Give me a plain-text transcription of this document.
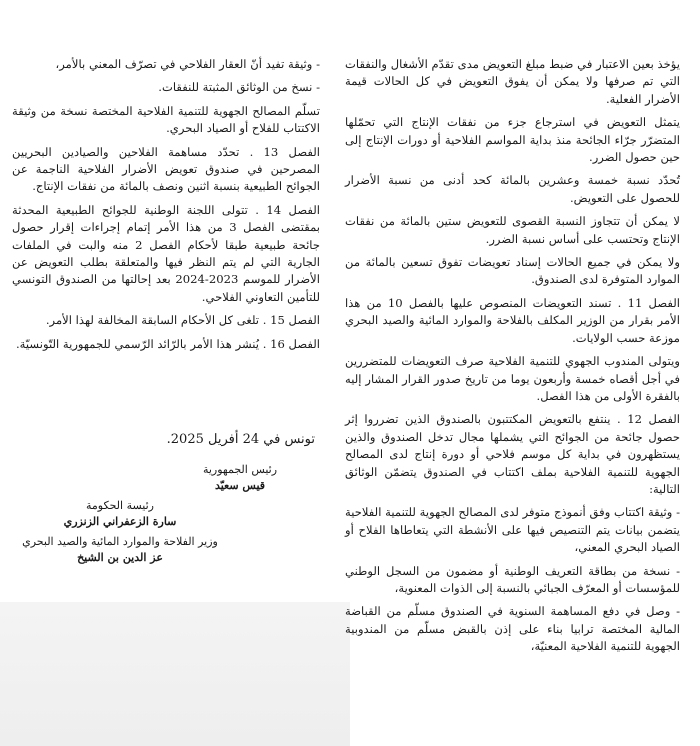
يؤخذ بعين الاعتبار في ضبط مبلغ التعويض مدى تقدّم الأشغال والنفقات التي تم صرفها ولا يمكن أن يفوق التعويض في كل الحالات قيمة الأضرار الفعلية.

يتمثل التعويض في استرجاع جزء من نفقات الإنتاج التي تحمّلها المتضرّر جرّاء الجائحة منذ بداية المواسم الفلاحية أو دورات الإنتاج إلى حين حصول الضرر.

تُحدّد نسبة خمسة وعشرين بالمائة كحد أدنى من نسبة الأضرار للحصول على التعويض.

لا يمكن أن تتجاوز النسبة القصوى للتعويض ستين بالمائة من نفقات الإنتاج وتحتسب على أساس نسبة الضرر.

ولا يمكن في جميع الحالات إسناد تعويضات تفوق تسعين بالمائة من الموارد المتوفرة لدى الصندوق.

الفصل 11 . تسند التعويضات المنصوص عليها بالفصل 10 من هذا الأمر بقرار من الوزير المكلف بالفلاحة والموارد المائية والصيد البحري موزعة حسب الولايات.

ويتولى المندوب الجهوي للتنمية الفلاحية صرف التعويضات للمتضررين في أجل أقصاه خمسة وأربعون يوما من تاريخ صدور القرار المشار إليه بالفقرة الأولى من هذا الفصل.

الفصل 12 . ينتفع بالتعويض المكتتبون بالصندوق الذين تضرروا إثر حصول جائحة من الجوائح التي يشملها مجال تدخل الصندوق والذين يستظهرون في بداية كل موسم فلاحي أو دورة إنتاج لدى المصالح الجهوية للتنمية الفلاحية بملف اكتتاب في الصندوق يتضمّن الوثائق التالية:

- وثيقة اكتتاب وفق أنموذج متوفر لدى المصالح الجهوية للتنمية الفلاحية يتضمن بيانات يتم التنصيص فيها على الأنشطة التي يتعاطاها الفلاح أو الصياد البحري المعني،

- نسخة من بطاقة التعريف الوطنية أو مضمون من السجل الوطني للمؤسسات أو المعرّف الجبائي بالنسبة إلى الذوات المعنوية،

- وصل في دفع المساهمة السنوية في الصندوق مسلّم من القباضة المالية المختصة ترابيا بناء على إذن بالقبض مسلّم من المندوبية الجهوية للتنمية الفلاحية المعنيّة،

- وثيقة تفيد أنّ العقار الفلاحي في تصرّف المعني بالأمر،

- نسخ من الوثائق المثبتة للنفقات.

تسلّم المصالح الجهوية للتنمية الفلاحية المختصة نسخة من وثيقة الاكتتاب للفلاح أو الصياد البحري.

الفصل 13 . تحدّد مساهمة الفلاحين والصيادين البحريين المصرحين في صندوق تعويض الأضرار الفلاحية الناجمة عن الجوائح الطبيعية بنسبة اثنين ونصف بالمائة من نفقات الإنتاج.

الفصل 14 . تتولى اللجنة الوطنية للجوائح الطبيعية المحدثة بمقتضى الفصل 3 من هذا الأمر إتمام إجراءات إقرار حصول جائحة طبيعية طبقا لأحكام الفصل 2 منه والبت في الملفات الجارية التي لم يتم النظر فيها والمتعلقة بطلب التعويض عن الأضرار للموسم 2023-2024 بعد إحالتها من الصندوق التونسي للتأمين التعاوني الفلاحي.

الفصل 15 . تلغى كل الأحكام السابقة المخالفة لهذا الأمر.

الفصل 16 . يُنشر هذا الأمر بالرّائد الرّسمي للجمهورية التّونسيّة.

تونس في 24 أفريل 2025.
رئيس الجمهورية
قيس سعيّد
رئيسة الحكومة
سارة الزعفراني الزنزري
وزير الفلاحة والموارد المائية والصيد البحري
عز الدين بن الشيخ
